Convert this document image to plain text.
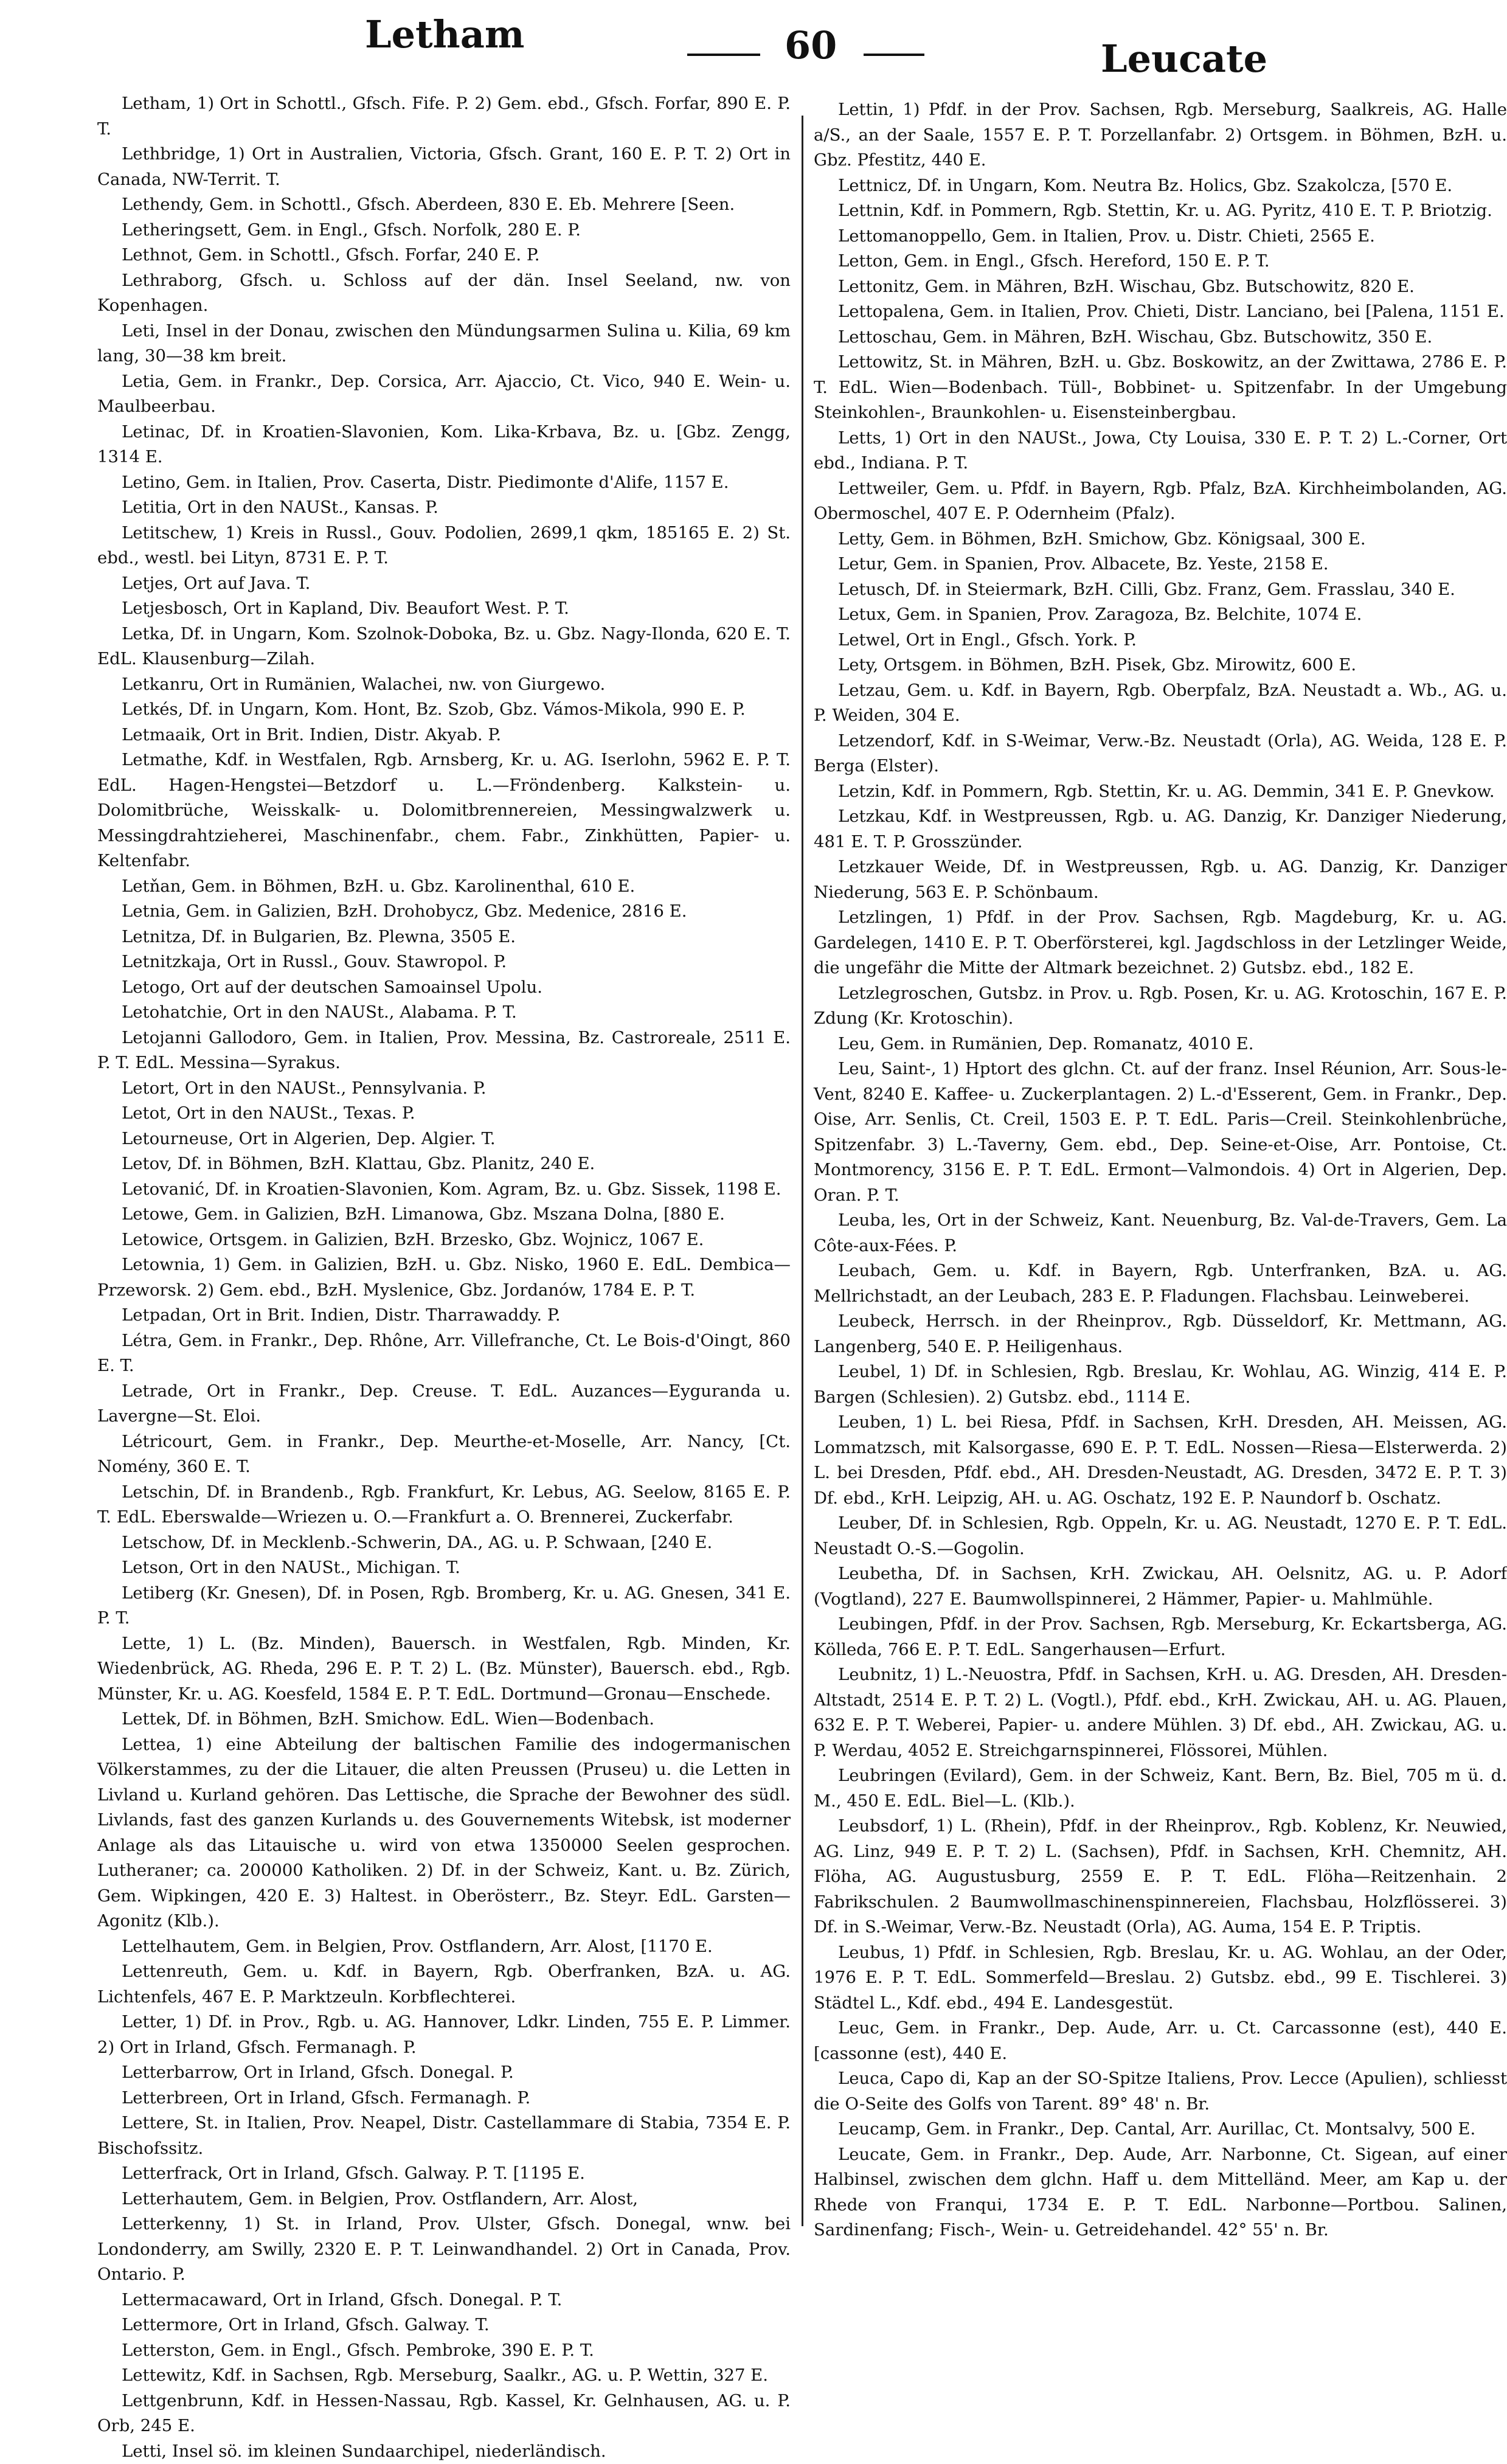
Letham	60	Leucate

Letham, 1) Ort in Schottl., Gfsch. Fife. P. 2) Gem. ebd., Gfsch. Forfar, 890 E. P. T.

Lethbridge, 1) Ort in Australien, Victoria, Gfsch. Grant, 160 E. P. T. 2) Ort in Canada, NW-Territ. T.

Lethendy, Gem. in Schottl., Gfsch. Aberdeen, 830 E. Eb. Mehrere [Seen.

Letheringsett, Gem. in Engl., Gfsch. Norfolk, 280 E. P.

Lethnot, Gem. in Schottl., Gfsch. Forfar, 240 E. P.

Lethraborg, Gfsch. u. Schloss auf der dän. Insel Seeland, nw. von Kopenhagen.

Leti, Insel in der Donau, zwischen den Mündungsarmen Sulina u. Kilia, 69 km lang, 30—38 km breit.

Letia, Gem. in Frankr., Dep. Corsica, Arr. Ajaccio, Ct. Vico, 940 E. Wein- u. Maulbeerbau.

Letinac, Df. in Kroatien-Slavonien, Kom. Lika-Krbava, Bz. u. [Gbz. Zengg, 1314 E.

Letino, Gem. in Italien, Prov. Caserta, Distr. Piedimonte d'Alife, 1157 E.

Letitia, Ort in den NAUSt., Kansas. P.

Letitschew, 1) Kreis in Russl., Gouv. Podolien, 2699,1 qkm, 185165 E. 2) St. ebd., westl. bei Lityn, 8731 E. P. T.

Letjes, Ort auf Java. T.

Letjesbosch, Ort in Kapland, Div. Beaufort West. P. T.

Letka, Df. in Ungarn, Kom. Szolnok-Doboka, Bz. u. Gbz. Nagy-Ilonda, 620 E. T. EdL. Klausenburg—Zilah.

Letkanru, Ort in Rumänien, Walachei, nw. von Giurgewo.

Letkés, Df. in Ungarn, Kom. Hont, Bz. Szob, Gbz. Vámos-Mikola, 990 E. P.

Letmaaik, Ort in Brit. Indien, Distr. Akyab. P.

Letmathe, Kdf. in Westfalen, Rgb. Arnsberg, Kr. u. AG. Iserlohn, 5962 E. P. T. EdL. Hagen-Hengstei—Betzdorf u. L.—Fröndenberg. Kalkstein- u. Dolomitbrüche, Weisskalk- u. Dolomitbrennereien, Messingwalzwerk u. Messingdrahtzieherei, Maschinenfabr., chem. Fabr., Zinkhütten, Papier- u. Keltenfabr.

Letňan, Gem. in Böhmen, BzH. u. Gbz. Karolinenthal, 610 E.

Letnia, Gem. in Galizien, BzH. Drohobycz, Gbz. Medenice, 2816 E.

Letnitza, Df. in Bulgarien, Bz. Plewna, 3505 E.

Letnitzkaja, Ort in Russl., Gouv. Stawropol. P.

Letogo, Ort auf der deutschen Samoainsel Upolu.

Letohatchie, Ort in den NAUSt., Alabama. P. T.

Letojanni Gallodoro, Gem. in Italien, Prov. Messina, Bz. Castroreale, 2511 E. P. T. EdL. Messina—Syrakus.

Letort, Ort in den NAUSt., Pennsylvania. P.

Letot, Ort in den NAUSt., Texas. P.

Letourneuse, Ort in Algerien, Dep. Algier. T.

Letov, Df. in Böhmen, BzH. Klattau, Gbz. Planitz, 240 E.

Letovanić, Df. in Kroatien-Slavonien, Kom. Agram, Bz. u. Gbz. Sissek, 1198 E.

Letowe, Gem. in Galizien, BzH. Limanowa, Gbz. Mszana Dolna, [880 E.

Letowice, Ortsgem. in Galizien, BzH. Brzesko, Gbz. Wojnicz, 1067 E.

Letownia, 1) Gem. in Galizien, BzH. u. Gbz. Nisko, 1960 E. EdL. Dembica—Przeworsk. 2) Gem. ebd., BzH. Myslenice, Gbz. Jordanów, 1784 E. P. T.

Letpadan, Ort in Brit. Indien, Distr. Tharrawaddy. P.

Létra, Gem. in Frankr., Dep. Rhône, Arr. Villefranche, Ct. Le Bois-d'Oingt, 860 E. T.

Letrade, Ort in Frankr., Dep. Creuse. T. EdL. Auzances—Eyguranda u. Lavergne—St. Eloi.

Létricourt, Gem. in Frankr., Dep. Meurthe-et-Moselle, Arr. Nancy, [Ct. Nomény, 360 E. T.

Letschin, Df. in Brandenb., Rgb. Frankfurt, Kr. Lebus, AG. Seelow, 8165 E. P. T. EdL. Eberswalde—Wriezen u. O.—Frankfurt a. O. Brennerei, Zuckerfabr.

Letschow, Df. in Mecklenb.-Schwerin, DA., AG. u. P. Schwaan, [240 E.

Letson, Ort in den NAUSt., Michigan. T.

Letiberg (Kr. Gnesen), Df. in Posen, Rgb. Bromberg, Kr. u. AG. Gnesen, 341 E. P. T.

Lette, 1) L. (Bz. Minden), Bauersch. in Westfalen, Rgb. Minden, Kr. Wiedenbrück, AG. Rheda, 296 E. P. T. 2) L. (Bz. Münster), Bauersch. ebd., Rgb. Münster, Kr. u. AG. Koesfeld, 1584 E. P. T. EdL. Dortmund—Gronau—Enschede.

Lettek, Df. in Böhmen, BzH. Smichow. EdL. Wien—Bodenbach.

Lettea, 1) eine Abteilung der baltischen Familie des indogermanischen Völkerstammes, zu der die Litauer, die alten Preussen (Pruseu) u. die Letten in Livland u. Kurland gehören. Das Lettische, die Sprache der Bewohner des südl. Livlands, fast des ganzen Kurlands u. des Gouvernements Witebsk, ist moderner Anlage als das Litauische u. wird von etwa 1350000 Seelen gesprochen. Lutheraner; ca. 200000 Katholiken. 2) Df. in der Schweiz, Kant. u. Bz. Zürich, Gem. Wipkingen, 420 E. 3) Haltest. in Oberösterr., Bz. Steyr. EdL. Garsten—Agonitz (Klb.).

Lettelhautem, Gem. in Belgien, Prov. Ostflandern, Arr. Alost, [1170 E.

Lettenreuth, Gem. u. Kdf. in Bayern, Rgb. Oberfranken, BzA. u. AG. Lichtenfels, 467 E. P. Marktzeuln. Korbflechterei.

Letter, 1) Df. in Prov., Rgb. u. AG. Hannover, Ldkr. Linden, 755 E. P. Limmer. 2) Ort in Irland, Gfsch. Fermanagh. P.

Letterbarrow, Ort in Irland, Gfsch. Donegal. P.

Letterbreen, Ort in Irland, Gfsch. Fermanagh. P.

Lettere, St. in Italien, Prov. Neapel, Distr. Castellammare di Stabia, 7354 E. P. Bischofssitz.

Letterfrack, Ort in Irland, Gfsch. Galway. P. T. [1195 E.

Letterhautem, Gem. in Belgien, Prov. Ostflandern, Arr. Alost,

Letterkenny, 1) St. in Irland, Prov. Ulster, Gfsch. Donegal, wnw. bei Londonderry, am Swilly, 2320 E. P. T. Leinwandhandel. 2) Ort in Canada, Prov. Ontario. P.

Lettermacaward, Ort in Irland, Gfsch. Donegal. P. T.

Lettermore, Ort in Irland, Gfsch. Galway. T.

Letterston, Gem. in Engl., Gfsch. Pembroke, 390 E. P. T.

Lettewitz, Kdf. in Sachsen, Rgb. Merseburg, Saalkr., AG. u. P. Wettin, 327 E.

Lettgenbrunn, Kdf. in Hessen-Nassau, Rgb. Kassel, Kr. Gelnhausen, AG. u. P. Orb, 245 E.

Letti, Insel sö. im kleinen Sundaarchipel, niederländisch.

Lettin, 1) Pfdf. in der Prov. Sachsen, Rgb. Merseburg, Saalkreis, AG. Halle a/S., an der Saale, 1557 E. P. T. Porzellanfabr. 2) Ortsgem. in Böhmen, BzH. u. Gbz. Pfestitz, 440 E.

Lettnicz, Df. in Ungarn, Kom. Neutra Bz. Holics, Gbz. Szakolcza, [570 E.

Lettnin, Kdf. in Pommern, Rgb. Stettin, Kr. u. AG. Pyritz, 410 E. T. P. Briotzig.

Lettomanoppello, Gem. in Italien, Prov. u. Distr. Chieti, 2565 E.

Letton, Gem. in Engl., Gfsch. Hereford, 150 E. P. T.

Lettonitz, Gem. in Mähren, BzH. Wischau, Gbz. Butschowitz, 820 E.

Lettopalena, Gem. in Italien, Prov. Chieti, Distr. Lanciano, bei [Palena, 1151 E.

Lettoschau, Gem. in Mähren, BzH. Wischau, Gbz. Butschowitz, 350 E.

Lettowitz, St. in Mähren, BzH. u. Gbz. Boskowitz, an der Zwittawa, 2786 E. P. T. EdL. Wien—Bodenbach. Tüll-, Bobbinet- u. Spitzenfabr. In der Umgebung Steinkohlen-, Braunkohlen- u. Eisensteinbergbau.

Letts, 1) Ort in den NAUSt., Jowa, Cty Louisa, 330 E. P. T. 2) L.-Corner, Ort ebd., Indiana. P. T.

Lettweiler, Gem. u. Pfdf. in Bayern, Rgb. Pfalz, BzA. Kirchheimbolanden, AG. Obermoschel, 407 E. P. Odernheim (Pfalz).

Letty, Gem. in Böhmen, BzH. Smichow, Gbz. Königsaal, 300 E.

Letur, Gem. in Spanien, Prov. Albacete, Bz. Yeste, 2158 E.

Letusch, Df. in Steiermark, BzH. Cilli, Gbz. Franz, Gem. Frasslau, 340 E.

Letux, Gem. in Spanien, Prov. Zaragoza, Bz. Belchite, 1074 E.

Letwel, Ort in Engl., Gfsch. York. P.

Lety, Ortsgem. in Böhmen, BzH. Pisek, Gbz. Mirowitz, 600 E.

Letzau, Gem. u. Kdf. in Bayern, Rgb. Oberpfalz, BzA. Neustadt a. Wb., AG. u. P. Weiden, 304 E.

Letzendorf, Kdf. in S-Weimar, Verw.-Bz. Neustadt (Orla), AG. Weida, 128 E. P. Berga (Elster).

Letzin, Kdf. in Pommern, Rgb. Stettin, Kr. u. AG. Demmin, 341 E. P. Gnevkow.

Letzkau, Kdf. in Westpreussen, Rgb. u. AG. Danzig, Kr. Danziger Niederung, 481 E. T. P. Grosszünder.

Letzkauer Weide, Df. in Westpreussen, Rgb. u. AG. Danzig, Kr. Danziger Niederung, 563 E. P. Schönbaum.

Letzlingen, 1) Pfdf. in der Prov. Sachsen, Rgb. Magdeburg, Kr. u. AG. Gardelegen, 1410 E. P. T. Oberförsterei, kgl. Jagdschloss in der Letzlinger Weide, die ungefähr die Mitte der Altmark bezeichnet. 2) Gutsbz. ebd., 182 E.

Letzlegroschen, Gutsbz. in Prov. u. Rgb. Posen, Kr. u. AG. Krotoschin, 167 E. P. Zdung (Kr. Krotoschin).

Leu, Gem. in Rumänien, Dep. Romanatz, 4010 E.

Leu, Saint-, 1) Hptort des glchn. Ct. auf der franz. Insel Réunion, Arr. Sous-le-Vent, 8240 E. Kaffee- u. Zuckerplantagen. 2) L.-d'Esserent, Gem. in Frankr., Dep. Oise, Arr. Senlis, Ct. Creil, 1503 E. P. T. EdL. Paris—Creil. Steinkohlenbrüche, Spitzenfabr. 3) L.-Taverny, Gem. ebd., Dep. Seine-et-Oise, Arr. Pontoise, Ct. Montmorency, 3156 E. P. T. EdL. Ermont—Valmondois. 4) Ort in Algerien, Dep. Oran. P. T.

Leuba, les, Ort in der Schweiz, Kant. Neuenburg, Bz. Val-de-Travers, Gem. La Côte-aux-Fées. P.

Leubach, Gem. u. Kdf. in Bayern, Rgb. Unterfranken, BzA. u. AG. Mellrichstadt, an der Leubach, 283 E. P. Fladungen. Flachsbau. Leinweberei.

Leubeck, Herrsch. in der Rheinprov., Rgb. Düsseldorf, Kr. Mettmann, AG. Langenberg, 540 E. P. Heiligenhaus.

Leubel, 1) Df. in Schlesien, Rgb. Breslau, Kr. Wohlau, AG. Winzig, 414 E. P. Bargen (Schlesien). 2) Gutsbz. ebd., 1114 E.

Leuben, 1) L. bei Riesa, Pfdf. in Sachsen, KrH. Dresden, AH. Meissen, AG. Lommatzsch, mit Kalsorgasse, 690 E. P. T. EdL. Nossen—Riesa—Elsterwerda. 2) L. bei Dresden, Pfdf. ebd., AH. Dresden-Neustadt, AG. Dresden, 3472 E. P. T. 3) Df. ebd., KrH. Leipzig, AH. u. AG. Oschatz, 192 E. P. Naundorf b. Oschatz.

Leuber, Df. in Schlesien, Rgb. Oppeln, Kr. u. AG. Neustadt, 1270 E. P. T. EdL. Neustadt O.-S.—Gogolin.

Leubetha, Df. in Sachsen, KrH. Zwickau, AH. Oelsnitz, AG. u. P. Adorf (Vogtland), 227 E. Baumwollspinnerei, 2 Hämmer, Papier- u. Mahlmühle.

Leubingen, Pfdf. in der Prov. Sachsen, Rgb. Merseburg, Kr. Eckartsberga, AG. Kölleda, 766 E. P. T. EdL. Sangerhausen—Erfurt.

Leubnitz, 1) L.-Neuostra, Pfdf. in Sachsen, KrH. u. AG. Dresden, AH. Dresden-Altstadt, 2514 E. P. T. 2) L. (Vogtl.), Pfdf. ebd., KrH. Zwickau, AH. u. AG. Plauen, 632 E. P. T. Weberei, Papier- u. andere Mühlen. 3) Df. ebd., AH. Zwickau, AG. u. P. Werdau, 4052 E. Streichgarnspinnerei, Flössorei, Mühlen.

Leubringen (Evilard), Gem. in der Schweiz, Kant. Bern, Bz. Biel, 705 m ü. d. M., 450 E. EdL. Biel—L. (Klb.).

Leubsdorf, 1) L. (Rhein), Pfdf. in der Rheinprov., Rgb. Koblenz, Kr. Neuwied, AG. Linz, 949 E. P. T. 2) L. (Sachsen), Pfdf. in Sachsen, KrH. Chemnitz, AH. Flöha, AG. Augustusburg, 2559 E. P. T. EdL. Flöha—Reitzenhain. 2 Fabrikschulen. 2 Baumwollmaschinenspinnereien, Flachsbau, Holzflösserei. 3) Df. in S.-Weimar, Verw.-Bz. Neustadt (Orla), AG. Auma, 154 E. P. Triptis.

Leubus, 1) Pfdf. in Schlesien, Rgb. Breslau, Kr. u. AG. Wohlau, an der Oder, 1976 E. P. T. EdL. Sommerfeld—Breslau. 2) Gutsbz. ebd., 99 E. Tischlerei. 3) Städtel L., Kdf. ebd., 494 E. Landesgestüt.

Leuc, Gem. in Frankr., Dep. Aude, Arr. u. Ct. Carcassonne (est), 440 E. [cassonne (est), 440 E.

Leuca, Capo di, Kap an der SO-Spitze Italiens, Prov. Lecce (Apulien), schliesst die O-Seite des Golfs von Tarent. 89° 48' n. Br.

Leucamp, Gem. in Frankr., Dep. Cantal, Arr. Aurillac, Ct. Montsalvy, 500 E.

Leucate, Gem. in Frankr., Dep. Aude, Arr. Narbonne, Ct. Sigean, auf einer Halbinsel, zwischen dem glchn. Haff u. dem Mittelländ. Meer, am Kap u. der Rhede von Franqui, 1734 E. P. T. EdL. Narbonne—Portbou. Salinen, Sardinenfang; Fisch-, Wein- u. Getreidehandel. 42° 55' n. Br.
